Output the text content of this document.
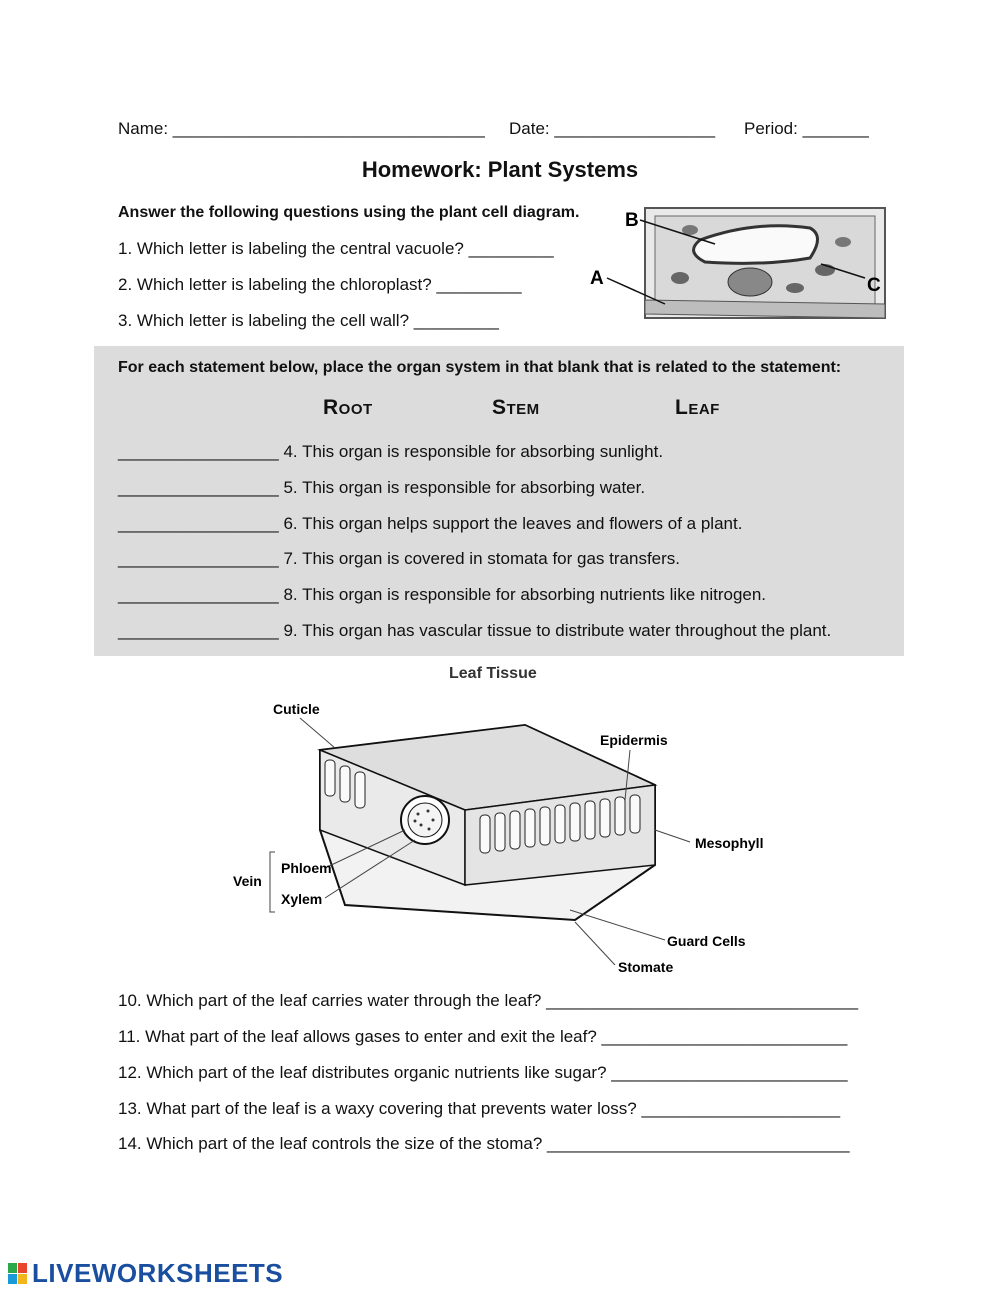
Name: _________________________________ Date: _________________ Period: _______
Homework: Plant Systems
Answer the following questions using the plant cell diagram.
1. Which letter is labeling the central vacuole? _________
2. Which letter is labeling the chloroplast? _________
3. Which letter is labeling the cell wall? _________
B
A	C
For each statement below, place the organ system in that blank that is related to the statement:
Root	Stem	Leaf
_________________ 4. This organ is responsible for absorbing sunlight.
_________________ 5. This organ is responsible for absorbing water.
_________________ 6. This organ helps support the leaves and flowers of a plant.
_________________ 7. This organ is covered in stomata for gas transfers.
_________________ 8. This organ is responsible for absorbing nutrients like nitrogen.
_________________ 9. This organ has vascular tissue to distribute water throughout the plant.
Leaf Tissue
Cuticle
Epidermis
Mesophyll
Vein
Phloem
Xylem
Guard Cells
Stomate
10. Which part of the leaf carries water through the leaf? _________________________________
11. What part of the leaf allows gases to enter and exit the leaf? __________________________
12. Which part of the leaf distributes organic nutrients like sugar? _________________________
13. What part of the leaf is a waxy covering that prevents water loss? _____________________
14. Which part of the leaf controls the size of the stoma? ________________________________
LIVEWORKSHEETS
